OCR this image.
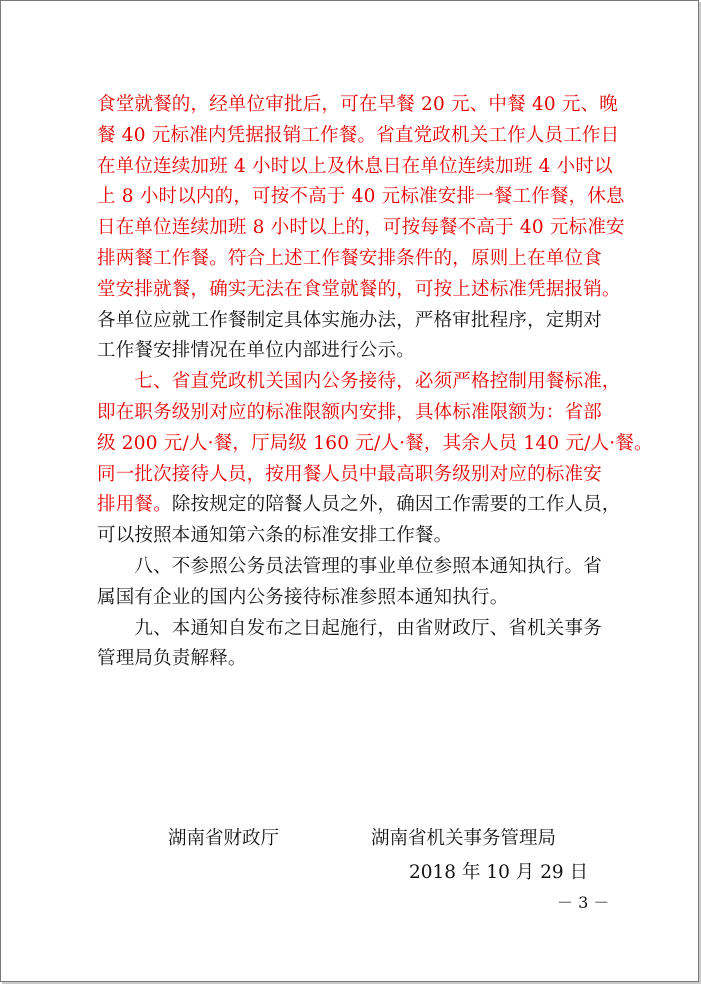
食堂就餐的，经单位审批后，可在早餐 20 元、中餐 40 元、晚
餐 40 元标准内凭据报销工作餐。省直党政机关工作人员工作日
在单位连续加班 4 小时以上及休息日在单位连续加班 4 小时以
上 8 小时以内的，可按不高于 40 元标准安排一餐工作餐，休息
日在单位连续加班 8 小时以上的，可按每餐不高于 40 元标准安
排两餐工作餐。符合上述工作餐安排条件的，原则上在单位食
堂安排就餐，确实无法在食堂就餐的，可按上述标准凭据报销。
各单位应就工作餐制定具体实施办法，严格审批程序，定期对
工作餐安排情况在单位内部进行公示。
　　七、省直党政机关国内公务接待，必须严格控制用餐标准，
即在职务级别对应的标准限额内安排，具体标准限额为：省部
级 200 元/人·餐，厅局级 160 元/人·餐，其余人员 140 元/人·餐。
同一批次接待人员，按用餐人员中最高职务级别对应的标准安
排用餐。除按规定的陪餐人员之外，确因工作需要的工作人员，
可以按照本通知第六条的标准安排工作餐。
　　八、不参照公务员法管理的事业单位参照本通知执行。省
属国有企业的国内公务接待标准参照本通知执行。
　　九、本通知自发布之日起施行，由省财政厅、省机关事务
管理局负责解释。
湖南省财政厅	湖南省机关事务管理局
2018 年 10 月 29 日
－ 3 －
